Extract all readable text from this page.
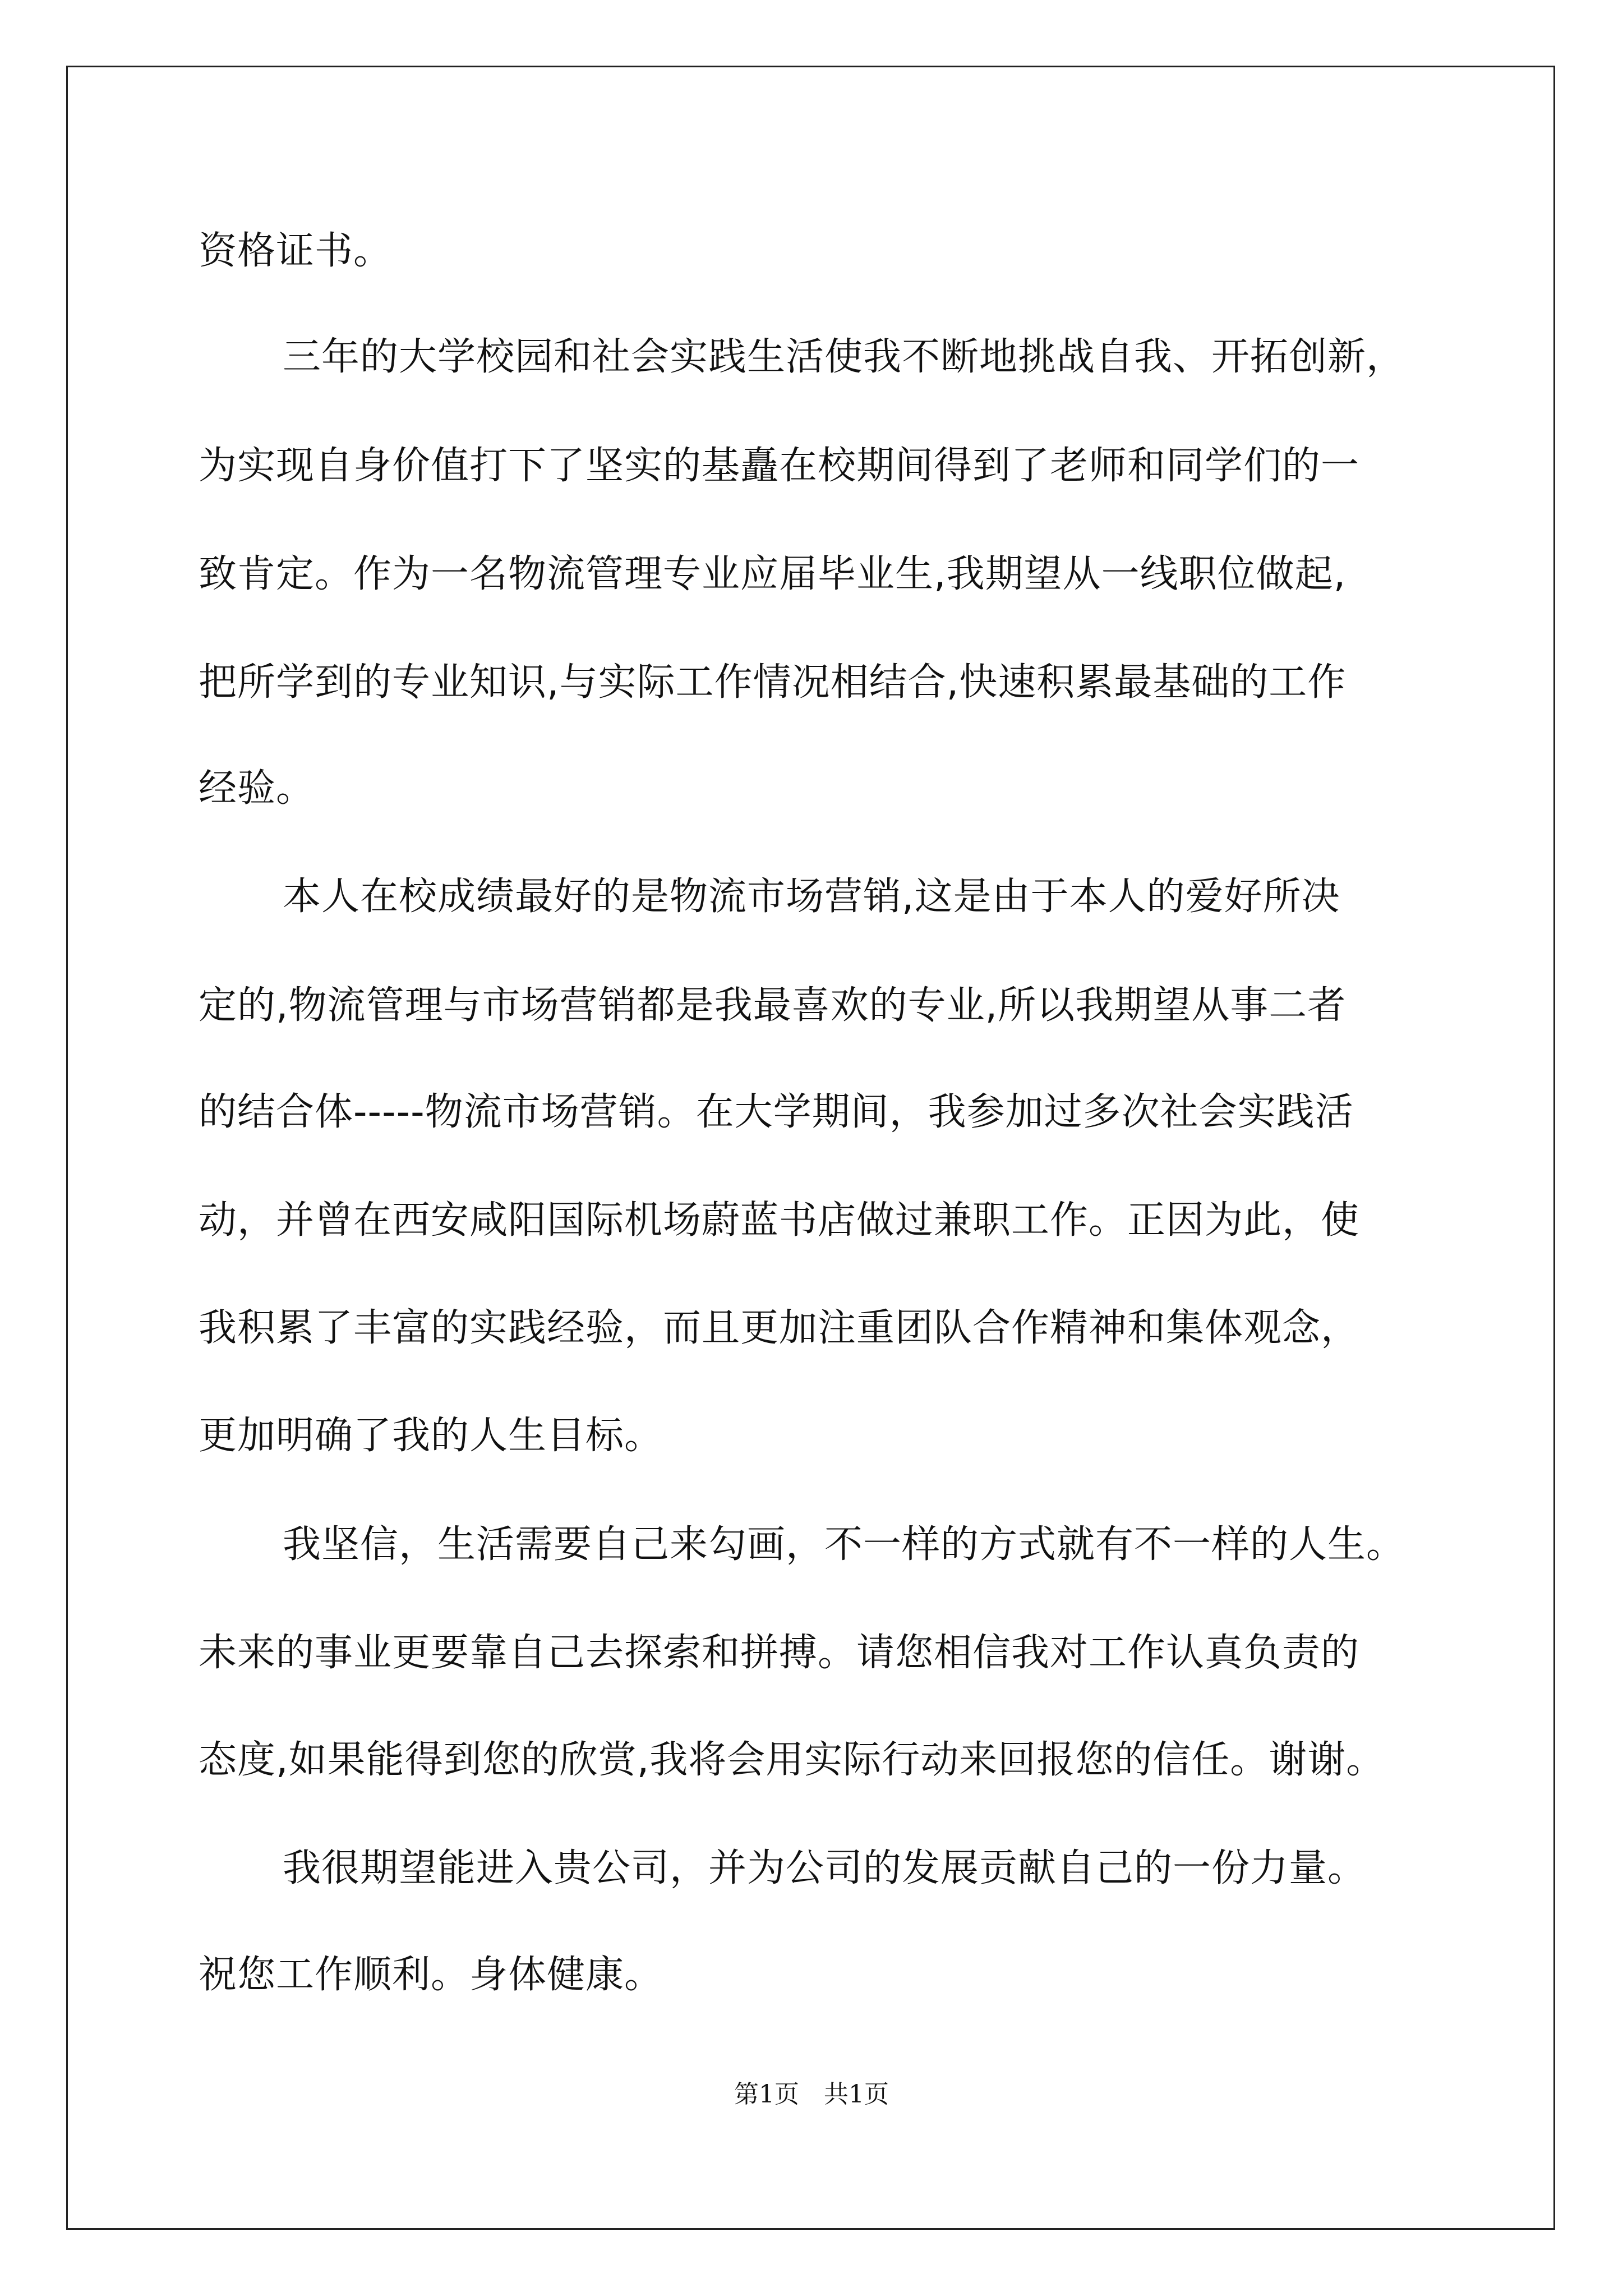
资格证书。
三年的大学校园和社会实践生活使我不断地挑战自我、开拓创新，
为实现自身价值打下了坚实的基矗在校期间得到了老师和同学们的一
致肯定。作为一名物流管理专业应届毕业生,我期望从一线职位做起,
把所学到的专业知识,与实际工作情况相结合,快速积累最基础的工作
经验。
本人在校成绩最好的是物流市场营销,这是由于本人的爱好所决
定的,物流管理与市场营销都是我最喜欢的专业,所以我期望从事二者
的结合体-----物流市场营销。在大学期间，我参加过多次社会实践活
动，并曾在西安咸阳国际机场蔚蓝书店做过兼职工作。正因为此，使
我积累了丰富的实践经验，而且更加注重团队合作精神和集体观念，
更加明确了我的人生目标。
我坚信，生活需要自己来勾画，不一样的方式就有不一样的人生。
未来的事业更要靠自己去探索和拼搏。请您相信我对工作认真负责的
态度,如果能得到您的欣赏,我将会用实际行动来回报您的信任。谢谢。
我很期望能进入贵公司，并为公司的发展贡献自己的一份力量。
祝您工作顺利。身体健康。
第1页　共1页
